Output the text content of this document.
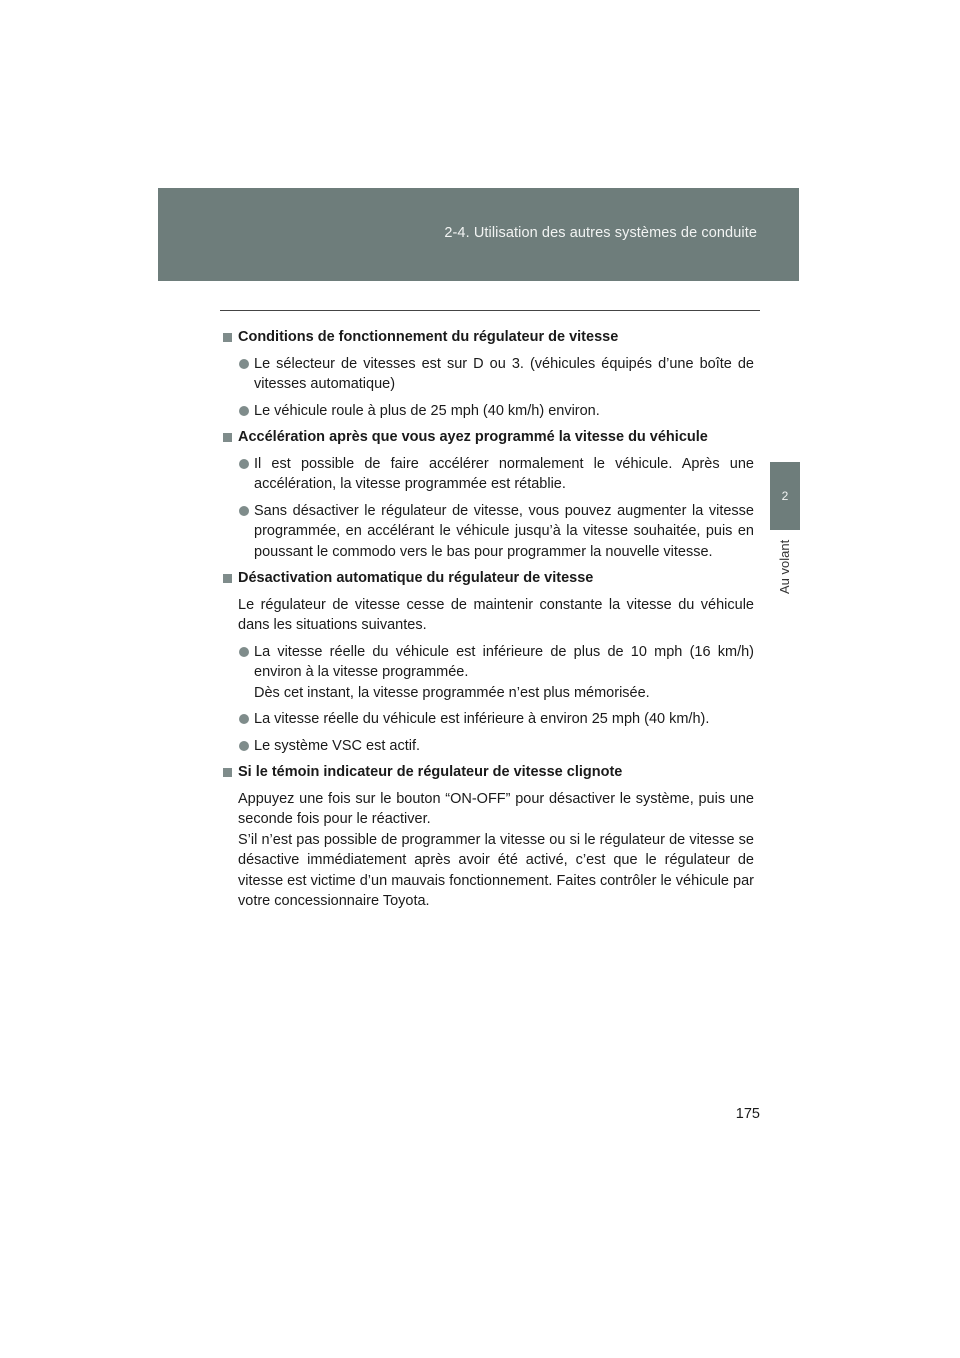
2-4. Utilisation des autres systèmes de conduite
2
Au volant
Conditions de fonctionnement du régulateur de vitesse
Le sélecteur de vitesses est sur D ou 3. (véhicules équipés d’une boîte de vitesses automatique)
Le véhicule roule à plus de 25 mph (40 km/h) environ.
Accélération après que vous ayez programmé la vitesse du véhicule
Il est possible de faire accélérer normalement le véhicule. Après une accélération, la vitesse programmée est rétablie.
Sans désactiver le régulateur de vitesse, vous pouvez augmenter la vitesse programmée, en accélérant le véhicule jusqu’à la vitesse souhaitée, puis en poussant le commodo vers le bas pour programmer la nouvelle vitesse.
Désactivation automatique du régulateur de vitesse
Le régulateur de vitesse cesse de maintenir constante la vitesse du véhicule dans les situations suivantes.
La vitesse réelle du véhicule est inférieure de plus de 10 mph (16 km/h) environ à la vitesse programmée.
Dès cet instant, la vitesse programmée n’est plus mémorisée.
La vitesse réelle du véhicule est inférieure à environ 25 mph (40 km/h).
Le système VSC est actif.
Si le témoin indicateur de régulateur de vitesse clignote
Appuyez une fois sur le bouton “ON-OFF” pour désactiver le système, puis une seconde fois pour le réactiver.
S’il n’est pas possible de programmer la vitesse ou si le régulateur de vitesse se désactive immédiatement après avoir été activé, c’est que le régulateur de vitesse est victime d’un mauvais fonctionnement. Faites contrôler le véhicule par votre concessionnaire Toyota.
175
